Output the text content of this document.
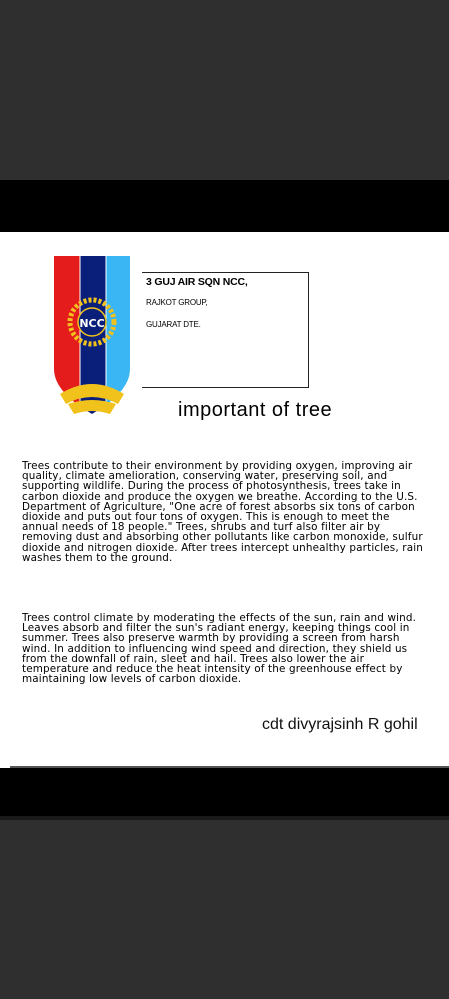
NCC
3 GUJ AIR SQN NCC,
RAJKOT GROUP,
GUJARAT DTE.
important of tree

Trees contribute to their environment by providing oxygen, improving air quality, climate amelioration, conserving water, preserving soil, and supporting wildlife. During the process of photosynthesis, trees take in carbon dioxide and produce the oxygen we breathe. According to the U.S. Department of Agriculture, "One acre of forest absorbs six tons of carbon dioxide and puts out four tons of oxygen. This is enough to meet the annual needs of 18 people." Trees, shrubs and turf also filter air by removing dust and absorbing other pollutants like carbon monoxide, sulfur dioxide and nitrogen dioxide. After trees intercept unhealthy particles, rain washes them to the ground.

Trees control climate by moderating the effects of the sun, rain and wind. Leaves absorb and filter the sun's radiant energy, keeping things cool in summer. Trees also preserve warmth by providing a screen from harsh wind. In addition to influencing wind speed and direction, they shield us from the downfall of rain, sleet and hail. Trees also lower the air temperature and reduce the heat intensity of the greenhouse effect by maintaining low levels of carbon dioxide.

cdt divyrajsinh R gohil
